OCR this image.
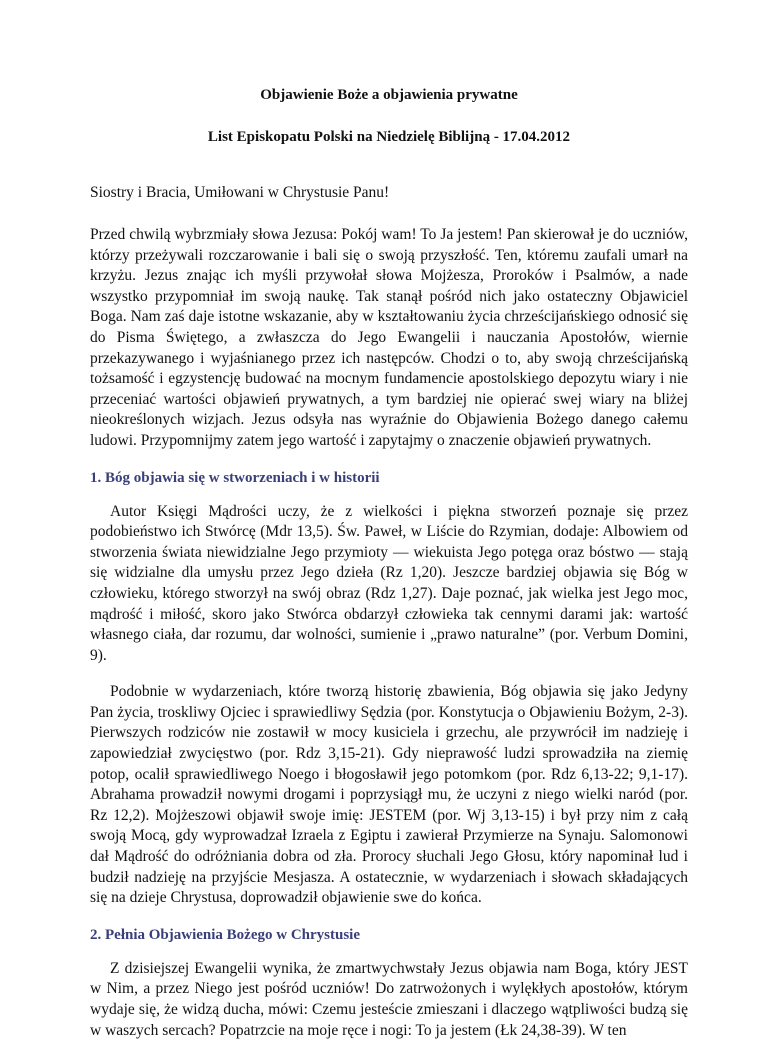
Objawienie Boże a objawienia prywatne
List Episkopatu Polski na Niedzielę Biblijną - 17.04.2012

Siostry i Bracia, Umiłowani w Chrystusie Panu!

Przed chwilą wybrzmiały słowa Jezusa: Pokój wam! To Ja jestem! Pan skierował je do uczniów, którzy przeżywali rozczarowanie i bali się o swoją przyszłość. Ten, któremu zaufali umarł na krzyżu. Jezus znając ich myśli przywołał słowa Mojżesza, Proroków i Psalmów, a nade wszystko przypomniał im swoją naukę. Tak stanął pośród nich jako ostateczny Objawiciel Boga. Nam zaś daje istotne wskazanie, aby w kształtowaniu życia chrześcijańskiego odnosić się do Pisma Świętego, a zwłaszcza do Jego Ewangelii i nauczania Apostołów, wiernie przekazywanego i wyjaśnianego przez ich następców. Chodzi o to, aby swoją chrześcijańską tożsamość i egzystencję budować na mocnym fundamencie apostolskiego depozytu wiary i nie przeceniać wartości objawień prywatnych, a tym bardziej nie opierać swej wiary na bliżej nieokreślonych wizjach. Jezus odsyła nas wyraźnie do Objawienia Bożego danego całemu ludowi. Przypomnijmy zatem jego wartość i zapytajmy o znaczenie objawień prywatnych.

1. Bóg objawia się w stworzeniach i w historii

Autor Księgi Mądrości uczy, że z wielkości i piękna stworzeń poznaje się przez podobieństwo ich Stwórcę (Mdr 13,5). Św. Paweł, w Liście do Rzymian, dodaje: Albowiem od stworzenia świata niewidzialne Jego przymioty — wiekuista Jego potęga oraz bóstwo — stają się widzialne dla umysłu przez Jego dzieła (Rz 1,20). Jeszcze bardziej objawia się Bóg w człowieku, którego stworzył na swój obraz (Rdz 1,27). Daje poznać, jak wielka jest Jego moc, mądrość i miłość, skoro jako Stwórca obdarzył człowieka tak cennymi darami jak: wartość własnego ciała, dar rozumu, dar wolności, sumienie i „prawo naturalne” (por. Verbum Domini, 9).

Podobnie w wydarzeniach, które tworzą historię zbawienia, Bóg objawia się jako Jedyny Pan życia, troskliwy Ojciec i sprawiedliwy Sędzia (por. Konstytucja o Objawieniu Bożym, 2-3). Pierwszych rodziców nie zostawił w mocy kusiciela i grzechu, ale przywrócił im nadzieję i zapowiedział zwycięstwo (por. Rdz 3,15-21). Gdy nieprawość ludzi sprowadziła na ziemię potop, ocalił sprawiedliwego Noego i błogosławił jego potomkom (por. Rdz 6,13-22; 9,1-17). Abrahama prowadził nowymi drogami i poprzysiągł mu, że uczyni z niego wielki naród (por. Rz 12,2). Mojżeszowi objawił swoje imię: JESTEM (por. Wj 3,13-15) i był przy nim z całą swoją Mocą, gdy wyprowadzał Izraela z Egiptu i zawierał Przymierze na Synaju. Salomonowi dał Mądrość do odróżniania dobra od zła. Prorocy słuchali Jego Głosu, który napominał lud i budził nadzieję na przyjście Mesjasza. A ostatecznie, w wydarzeniach i słowach składających się na dzieje Chrystusa, doprowadził objawienie swe do końca.

2. Pełnia Objawienia Bożego w Chrystusie

Z dzisiejszej Ewangelii wynika, że zmartwychwstały Jezus objawia nam Boga, który JEST w Nim, a przez Niego jest pośród uczniów! Do zatrwożonych i wylękłych apostołów, którym wydaje się, że widzą ducha, mówi: Czemu jesteście zmieszani i dlaczego wątpliwości budzą się w waszych sercach? Popatrzcie na moje ręce i nogi: To ja jestem (Łk 24,38-39). W ten
